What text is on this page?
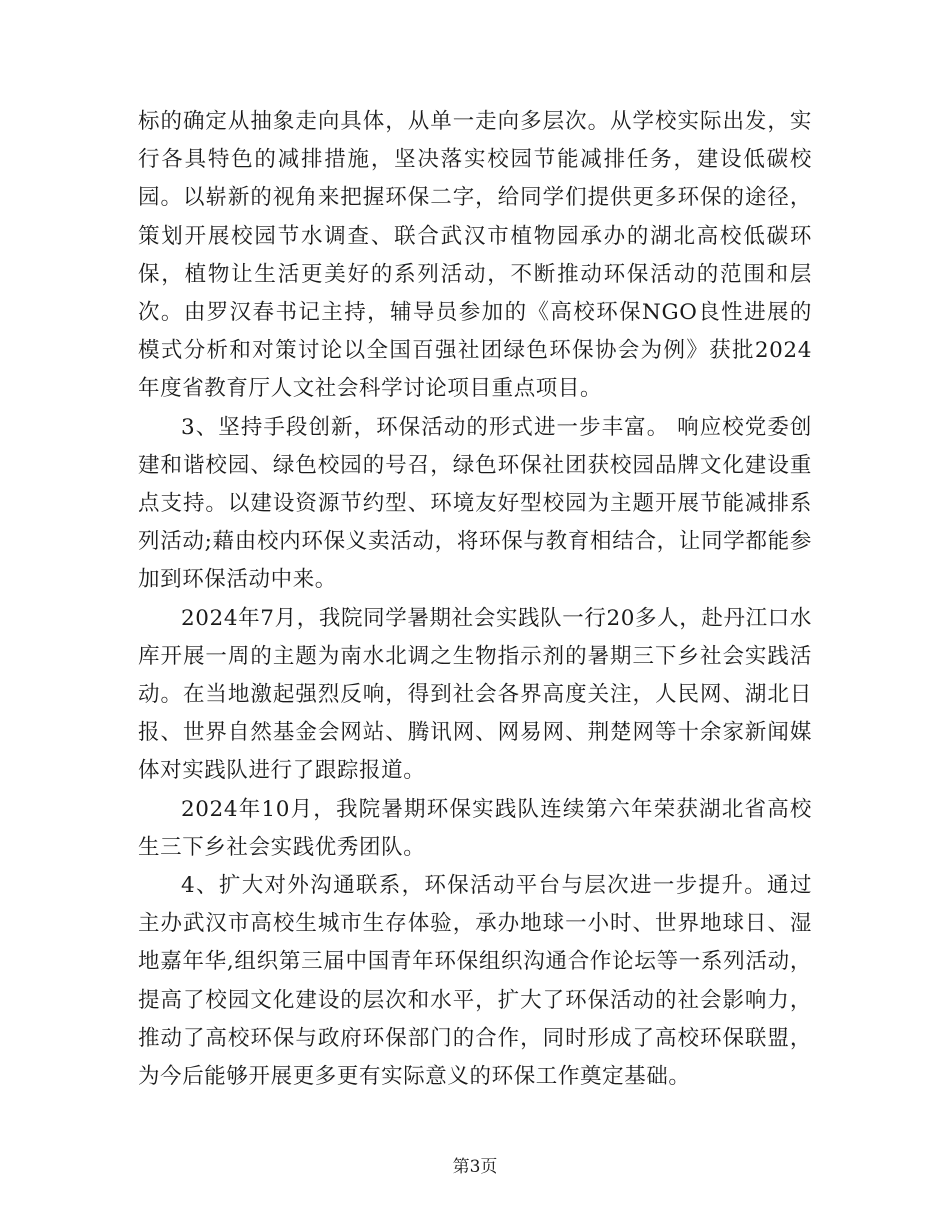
标的确定从抽象走向具体，从单一走向多层次。从学校实际出发，实行各具特色的减排措施，坚决落实校园节能减排任务，建设低碳校园。以崭新的视角来把握环保二字，给同学们提供更多环保的途径，策划开展校园节水调查、联合武汉市植物园承办的湖北高校低碳环保，植物让生活更美好的系列活动，不断推动环保活动的范围和层次。由罗汉春书记主持，辅导员参加的《高校环保NGO良性进展的模式分析和对策讨论以全国百强社团绿色环保协会为例》获批2024年度省教育厅人文社会科学讨论项目重点项目。

3、坚持手段创新，环保活动的形式进一步丰富。 响应校党委创建和谐校园、绿色校园的号召，绿色环保社团获校园品牌文化建设重点支持。以建设资源节约型、环境友好型校园为主题开展节能减排系列活动;藉由校内环保义卖活动，将环保与教育相结合，让同学都能参加到环保活动中来。

2024年7月，我院同学暑期社会实践队一行20多人，赴丹江口水库开展一周的主题为南水北调之生物指示剂的暑期三下乡社会实践活动。在当地激起强烈反响，得到社会各界高度关注，人民网、湖北日报、世界自然基金会网站、腾讯网、网易网、荆楚网等十余家新闻媒体对实践队进行了跟踪报道。

2024年10月，我院暑期环保实践队连续第六年荣获湖北省高校生三下乡社会实践优秀团队。

4、扩大对外沟通联系，环保活动平台与层次进一步提升。通过主办武汉市高校生城市生存体验，承办地球一小时、世界地球日、湿地嘉年华,组织第三届中国青年环保组织沟通合作论坛等一系列活动，提高了校园文化建设的层次和水平，扩大了环保活动的社会影响力，推动了高校环保与政府环保部门的合作，同时形成了高校环保联盟，为今后能够开展更多更有实际意义的环保工作奠定基础。

第3页
